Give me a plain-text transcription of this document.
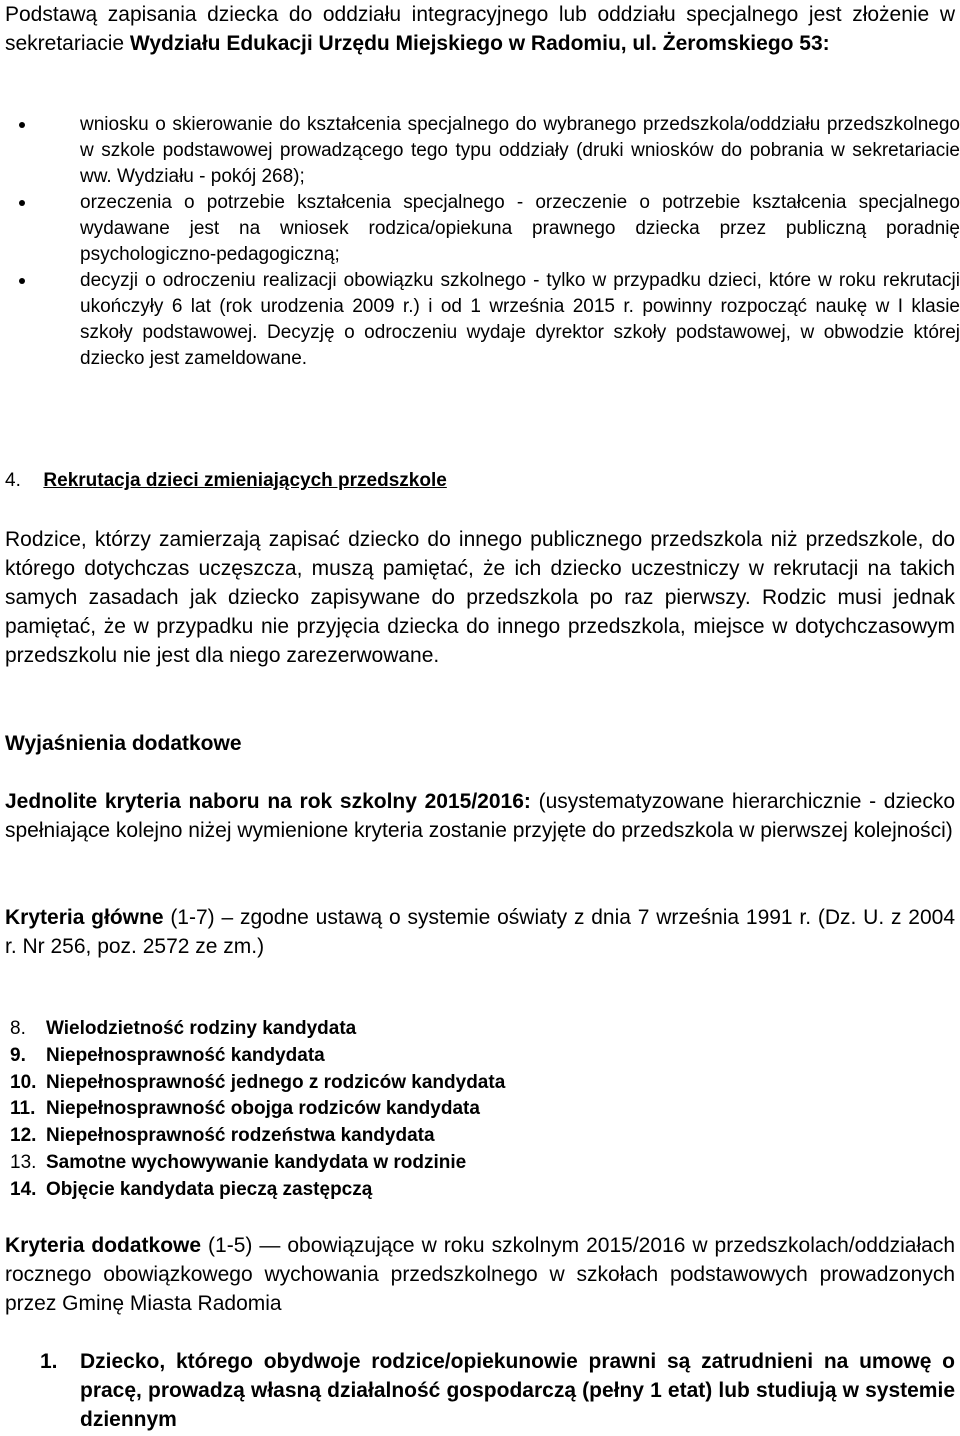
Podstawą zapisania dziecka do oddziału integracyjnego lub oddziału specjalnego jest złożenie w sekretariacie Wydziału Edukacji Urzędu Miejskiego w Radomiu, ul. Żeromskiego 53:

wniosku o skierowanie do kształcenia specjalnego do wybranego przedszkola/oddziału przedszkolnego w szkole podstawowej prowadzącego tego typu oddziały (druki wniosków do pobrania w sekretariacie ww. Wydziału - pokój 268);
orzeczenia o potrzebie kształcenia specjalnego - orzeczenie o potrzebie kształcenia specjalnego wydawane jest na wniosek rodzica/opiekuna prawnego dziecka przez publiczną poradnię psychologiczno-pedagogiczną;
decyzji o odroczeniu realizacji obowiązku szkolnego - tylko w przypadku dzieci, które w roku rekrutacji ukończyły 6 lat (rok urodzenia 2009 r.) i od 1 września 2015 r. powinny rozpocząć naukę w I klasie szkoły podstawowej. Decyzję o odroczeniu wydaje dyrektor szkoły podstawowej, w obwodzie której dziecko jest zameldowane.
4. Rekrutacja dzieci zmieniających przedszkole

Rodzice, którzy zamierzają zapisać dziecko do innego publicznego przedszkola niż przedszkole, do którego dotychczas uczęszcza, muszą pamiętać, że ich dziecko uczestniczy w rekrutacji na takich samych zasadach jak dziecko zapisywane do przedszkola po raz pierwszy. Rodzic musi jednak pamiętać, że w przypadku nie przyjęcia dziecka do innego przedszkola, miejsce w dotychczasowym przedszkolu nie jest dla niego zarezerwowane.

Wyjaśnienia dodatkowe

Jednolite kryteria naboru na rok szkolny 2015/2016: (usystematyzowane hierarchicznie - dziecko spełniające kolejno niżej wymienione kryteria zostanie przyjęte do przedszkola w pierwszej kolejności)

Kryteria główne (1-7) – zgodne ustawą o systemie oświaty z dnia 7 września 1991 r. (Dz. U. z 2004 r. Nr 256, poz. 2572 ze zm.)

8.	Wielodzietność rodziny kandydata
9.	Niepełnosprawność kandydata
10. Niepełnosprawność jednego z rodziców kandydata
11. Niepełnosprawność obojga rodziców kandydata
12. Niepełnosprawność rodzeństwa kandydata
13. Samotne wychowywanie kandydata w rodzinie
14. Objęcie kandydata pieczą zastępczą

Kryteria dodatkowe (1-5) — obowiązujące w roku szkolnym 2015/2016 w przedszkolach/oddziałach rocznego obowiązkowego wychowania przedszkolnego w szkołach podstawowych prowadzonych przez Gminę Miasta Radomia

1.	Dziecko, którego obydwoje rodzice/opiekunowie prawni są zatrudnieni na umowę o pracę, prowadzą własną działalność gospodarczą (pełny 1 etat) lub studiują w systemie dziennym
